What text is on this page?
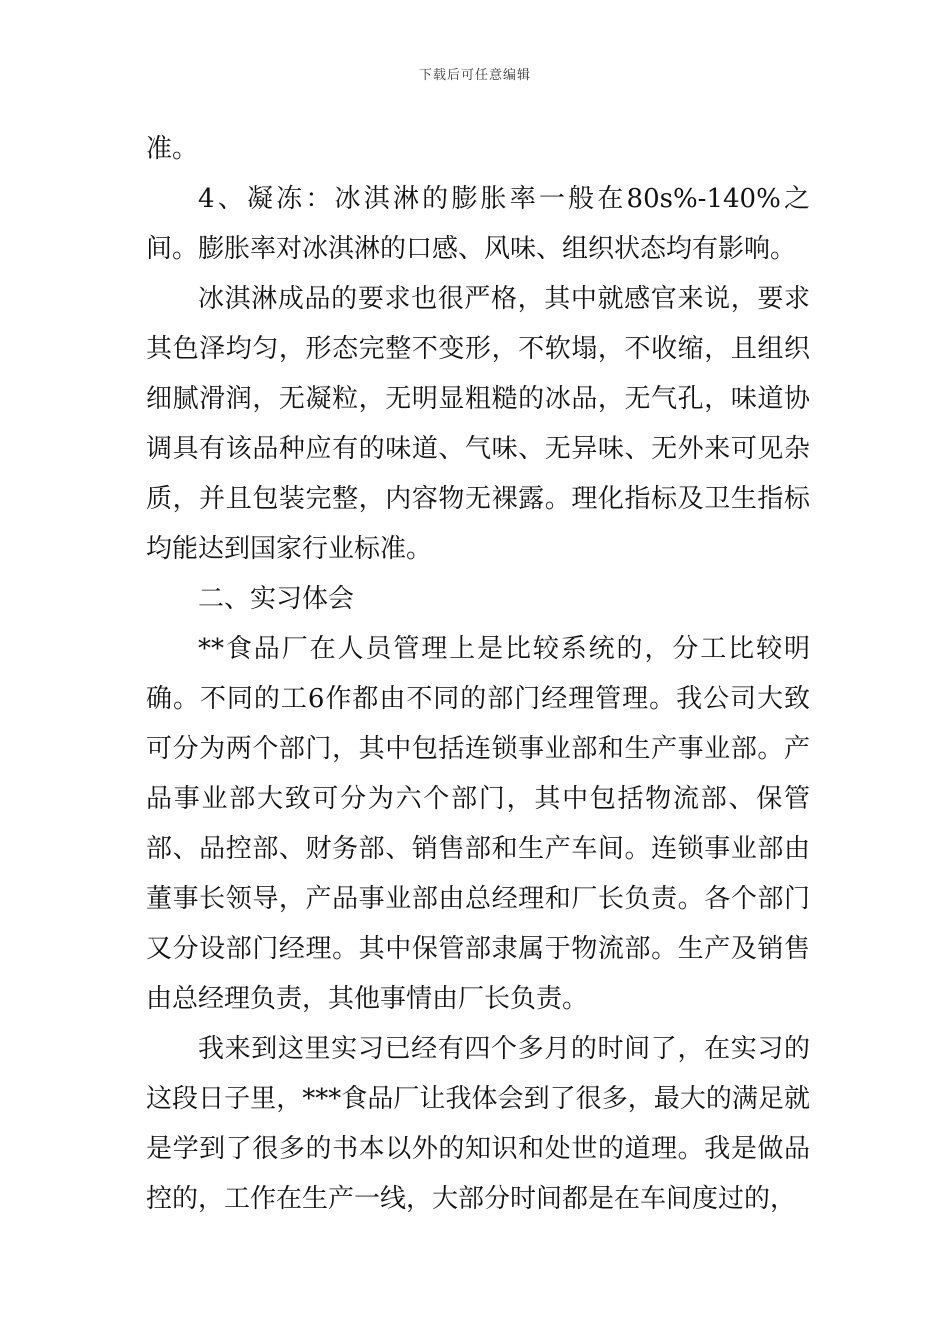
下载后可任意编辑

准。

4、凝冻：冰淇淋的膨胀率一般在80s%-140%之间。膨胀率对冰淇淋的口感、风味、组织状态均有影响。

冰淇淋成品的要求也很严格，其中就感官来说，要求其色泽均匀，形态完整不变形，不软塌，不收缩，且组织细腻滑润，无凝粒，无明显粗糙的冰品，无气孔，味道协调具有该品种应有的味道、气味、无异味、无外来可见杂质，并且包装完整，内容物无裸露。理化指标及卫生指标均能达到国家行业标准。

二、实习体会

**食品厂在人员管理上是比较系统的，分工比较明确。不同的工6作都由不同的部门经理管理。我公司大致可分为两个部门，其中包括连锁事业部和生产事业部。产品事业部大致可分为六个部门，其中包括物流部、保管部、品控部、财务部、销售部和生产车间。连锁事业部由董事长领导，产品事业部由总经理和厂长负责。各个部门又分设部门经理。其中保管部隶属于物流部。生产及销售由总经理负责，其他事情由厂长负责。

我来到这里实习已经有四个多月的时间了，在实习的这段日子里，***食品厂让我体会到了很多，最大的满足就是学到了很多的书本以外的知识和处世的道理。我是做品控的，工作在生产一线，大部分时间都是在车间度过的，
